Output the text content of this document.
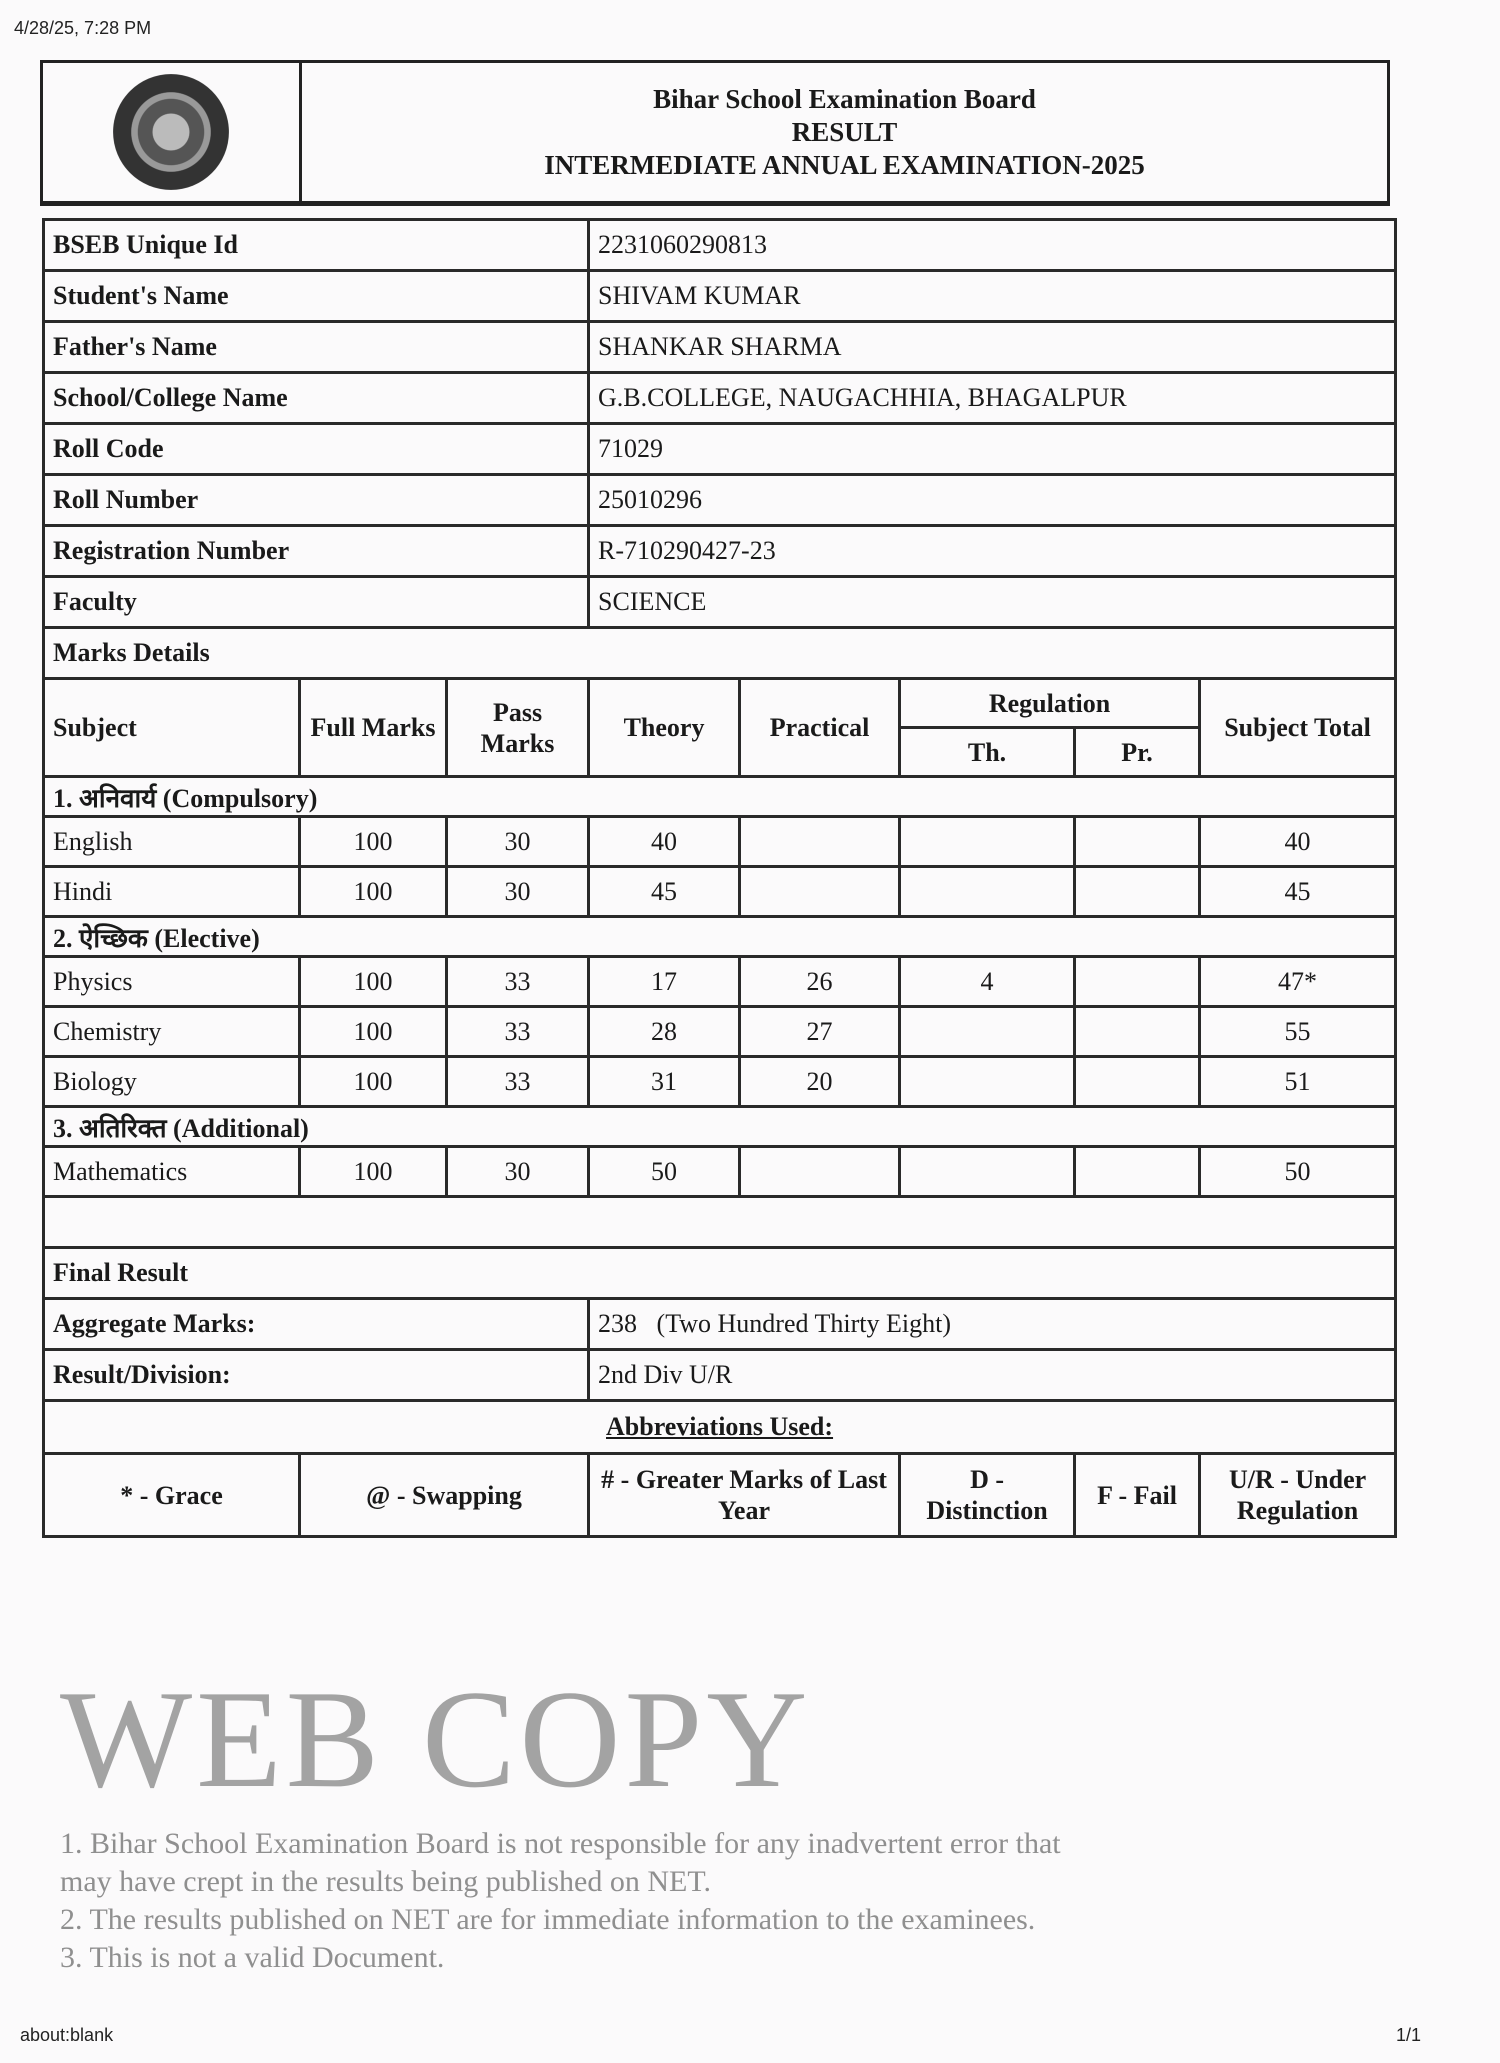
4/28/25, 7:28 PM
Bihar School Examination Board
RESULT
INTERMEDIATE ANNUAL EXAMINATION-2025
BSEB Unique Id			2231060290813				
Student's Name			SHIVAM KUMAR				
Father's Name			SHANKAR SHARMA				
School/College Name			G.B.COLLEGE, NAUGACHHIA, BHAGALPUR				
Roll Code			71029				
Roll Number			25010296				
Registration Number			R-710290427-23				
Faculty			SCIENCE				
Marks Details							
Subject	Full Marks	Pass Marks	Theory	Practical	Regulation		Subject Total
					Th.	Pr.	
1. अनिवार्य (Compulsory)							
English	100	30	40				40
Hindi	100	30	45				45
2. ऐच्छिक (Elective)							
Physics	100	33	17	26	4		47*
Chemistry	100	33	28	27			55
Biology	100	33	31	20			51
3. अतिरिक्त (Additional)							
Mathematics	100	30	50				50

Final Result							
Aggregate Marks:			238 (Two Hundred Thirty Eight)				
Result/Division:			2nd Div U/R				
Abbreviations Used:							
* - Grace	@ - Swapping		# - Greater Marks of Last Year		D - Distinction	F - Fail	U/R - Under Regulation
WEB COPY
1. Bihar School Examination Board is not responsible for any inadvertent error that
may have crept in the results being published on NET.
2. The results published on NET are for immediate information to the examinees.
3. This is not a valid Document.
about:blank	1/1
